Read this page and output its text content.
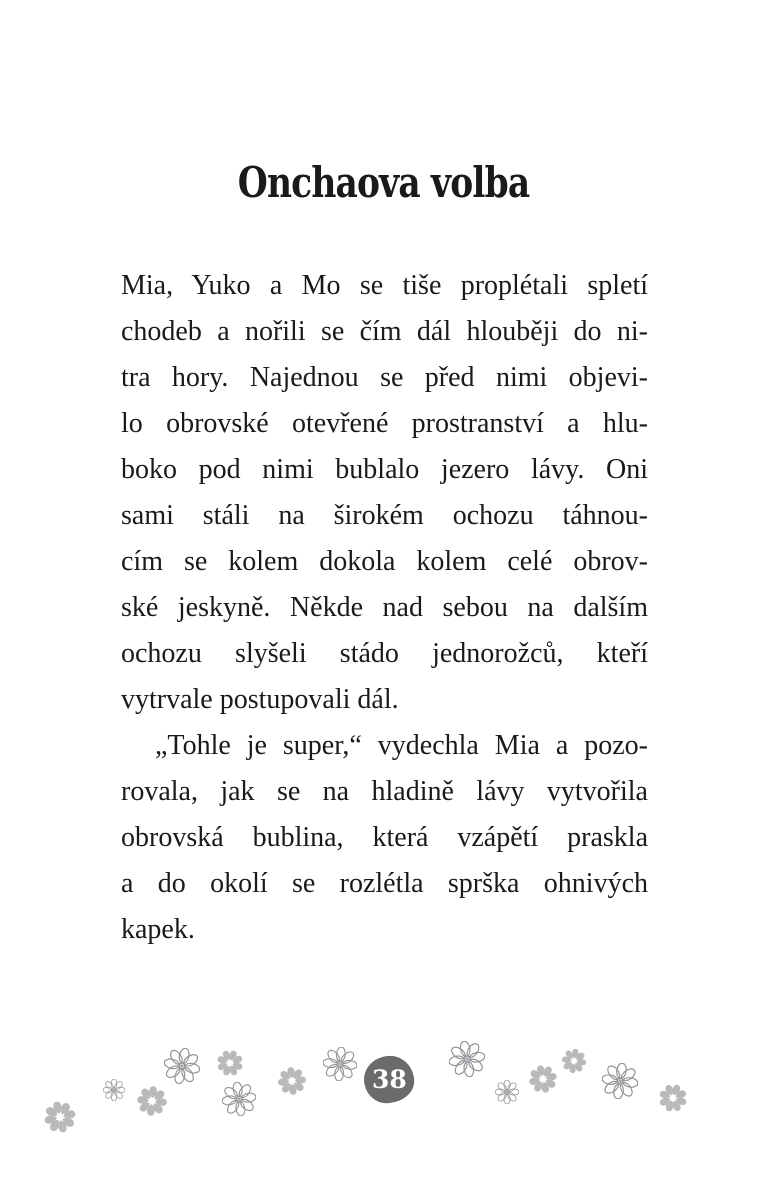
Onchaova volba
Mia, Yuko a Mo se tiše proplétali spletí
chodeb a nořili se čím dál hlouběji do ni-
tra hory. Najednou se před nimi objevi-
lo obrovské otevřené prostranství a hlu-
boko pod nimi bublalo jezero lávy. Oni
sami stáli na širokém ochozu táhnou-
cím se kolem dokola kolem celé obrov-
ské jeskyně. Někde nad sebou na dalším
ochozu slyšeli stádo jednorožců, kteří
vytrvale postupovali dál.
„Tohle je super,“ vydechla Mia a pozo-
rovala, jak se na hladině lávy vytvořila
obrovská bublina, která vzápětí praskla
a do okolí se rozlétla sprška ohnivých
kapek.
38
